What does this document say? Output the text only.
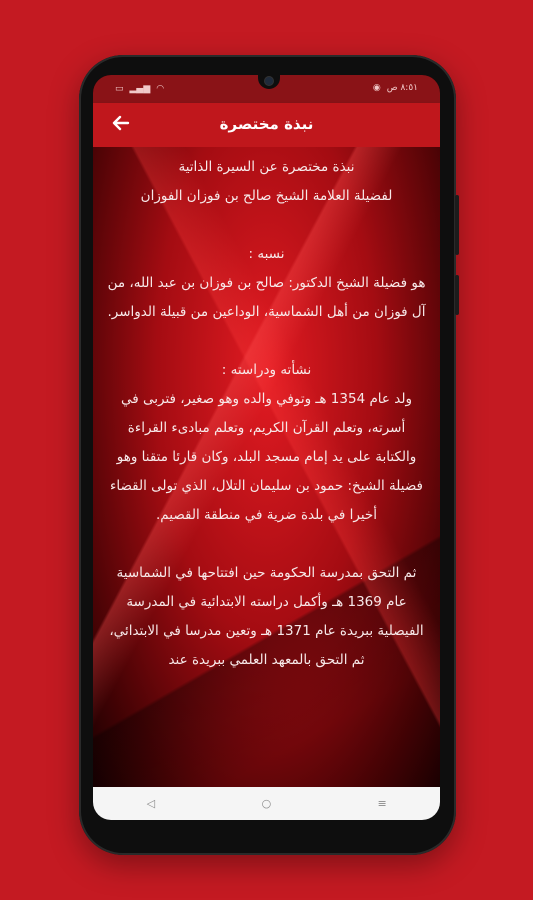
▭ ▂▄▆ ◠	◉ ٨:٥١ ص
نبذة مختصرة

نبذة مختصرة عن السيرة الذاتية

لفضيلة العلامة الشيخ صالح بن فوزان الفوزان

نسبه :

هو فضيلة الشيخ الدكتور: صالح بن فوزان بن عبد الله، من آل فوزان من أهل الشماسية، الوداعين من قبيلة الدواسر.

نشأته ودراسته :

ولد عام 1354 هـ وتوفي والده وهو صغير، فتربى في أسرته، وتعلم القرآن الكريم، وتعلم مبادىء القراءة والكتابة على يد إمام مسجد البلد، وكان قارئا متقنا وهو فضيلة الشيخ: حمود بن سليمان التلال، الذي تولى القضاء أخيرا في بلدة ضرية في منطقة القصيم.

ثم التحق بمدرسة الحكومة حين افتتاحها في الشماسية عام 1369 هـ وأكمل دراسته الابتدائية في المدرسة الفيصلية ببريدة عام 1371 هـ وتعين مدرسا في الابتدائي، ثم التحق بالمعهد العلمي ببريدة عند

◁	○	≡
